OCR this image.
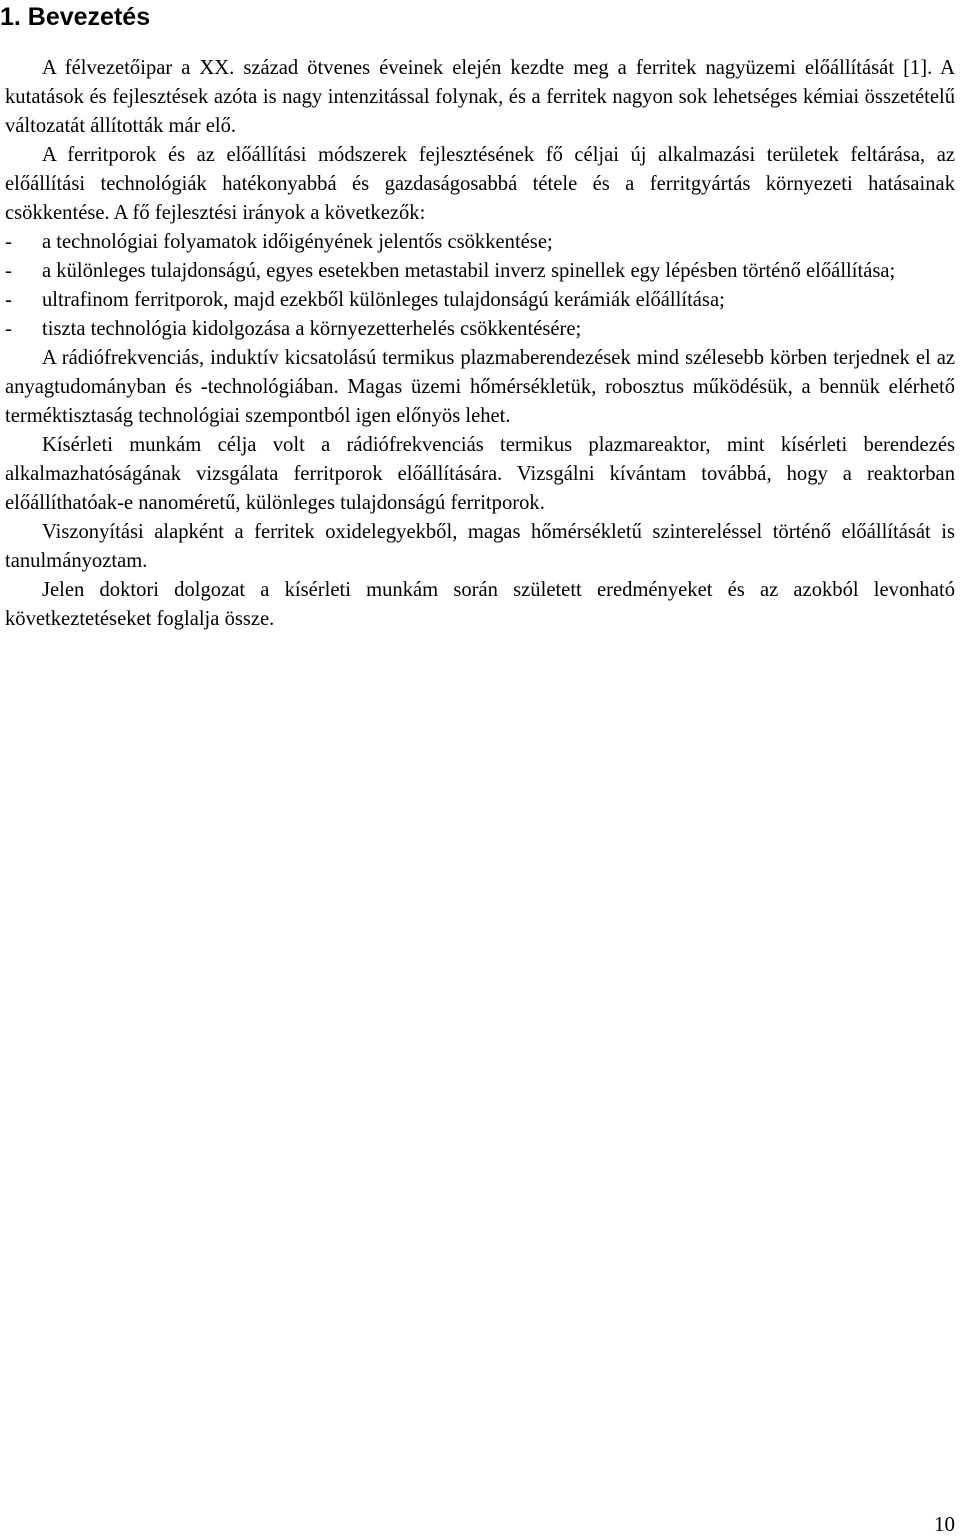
1. Bevezetés

A félvezetőipar a XX. század ötvenes éveinek elején kezdte meg a ferritek nagyüzemi előállítását [1]. A kutatások és fejlesztések azóta is nagy intenzitással folynak, és a ferritek nagyon sok lehetséges kémiai összetételű változatát állították már elő.

A ferritporok és az előállítási módszerek fejlesztésének fő céljai új alkalmazási területek feltárása, az előállítási technológiák hatékonyabbá és gazdaságosabbá tétele és a ferritgyártás környezeti hatásainak csökkentése. A fő fejlesztési irányok a következők:

- a technológiai folyamatok időigényének jelentős csökkentése;
- a különleges tulajdonságú, egyes esetekben metastabil inverz spinellek egy lépésben történő előállítása;
- ultrafinom ferritporok, majd ezekből különleges tulajdonságú kerámiák előállítása;
- tiszta technológia kidolgozása a környezetterhelés csökkentésére;

A rádiófrekvenciás, induktív kicsatolású termikus plazmaberendezések mind szélesebb körben terjednek el az anyagtudományban és -technológiában. Magas üzemi hőmérsékletük, robosztus működésük, a bennük elérhető terméktisztaság technológiai szempontból igen előnyös lehet.

Kísérleti munkám célja volt a rádiófrekvenciás termikus plazmareaktor, mint kísérleti berendezés alkalmazhatóságának vizsgálata ferritporok előállítására. Vizsgálni kívántam továbbá, hogy a reaktorban előállíthatóak-e nanoméretű, különleges tulajdonságú ferritporok.

Viszonyítási alapként a ferritek oxidelegyekből, magas hőmérsékletű szintereléssel történő előállítását is tanulmányoztam.

Jelen doktori dolgozat a kísérleti munkám során született eredményeket és az azokból levonható következtetéseket foglalja össze.

10
